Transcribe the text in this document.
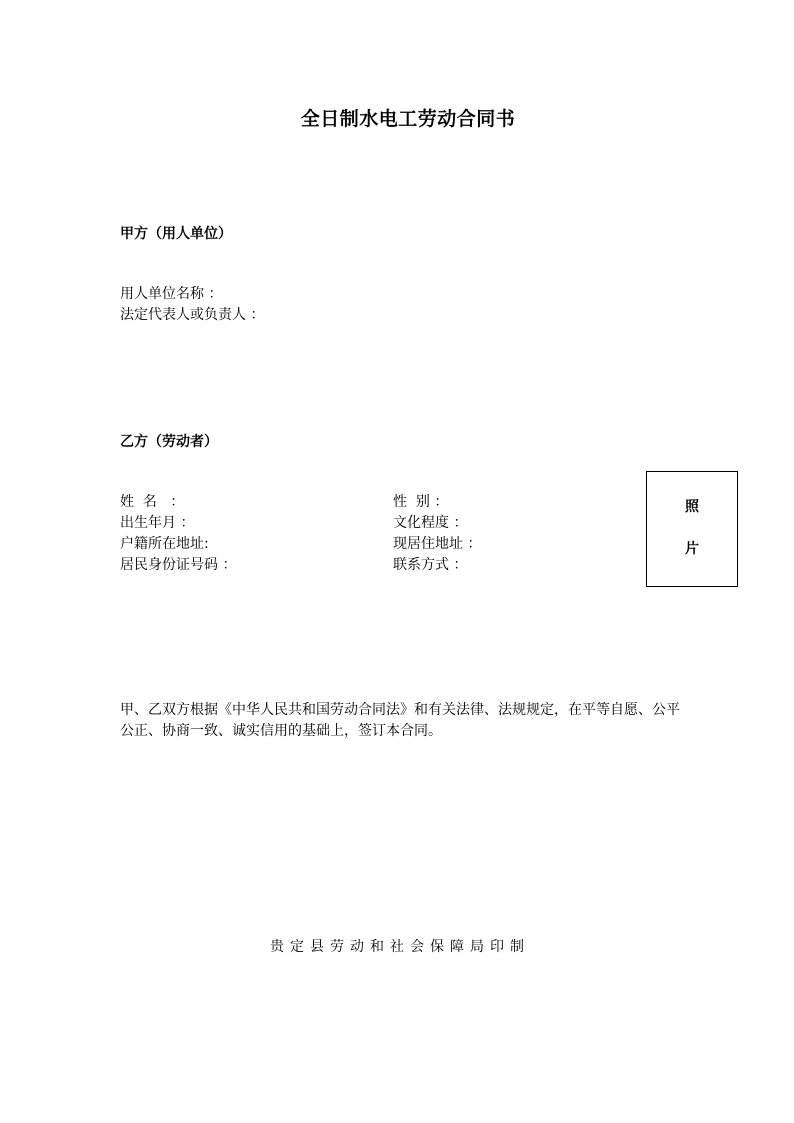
全日制水电工劳动合同书
甲方（用人单位）
用人单位名称 ：
法定代表人或负责人 ：
乙方（劳动者）
姓  名   ：
出生年月 ：
户籍所在地址:
居民身份证号码 ：
性  别 ：
文化程度 ：
现居住地址 ：
联系方式 ：
照
片
甲、乙双方根据《中华人民共和国劳动合同法》和有关法律、法规规定，在平等自愿、公平
公正、协商一致、诚实信用的基础上，签订本合同。
贵定县劳动和社会保障局印制
